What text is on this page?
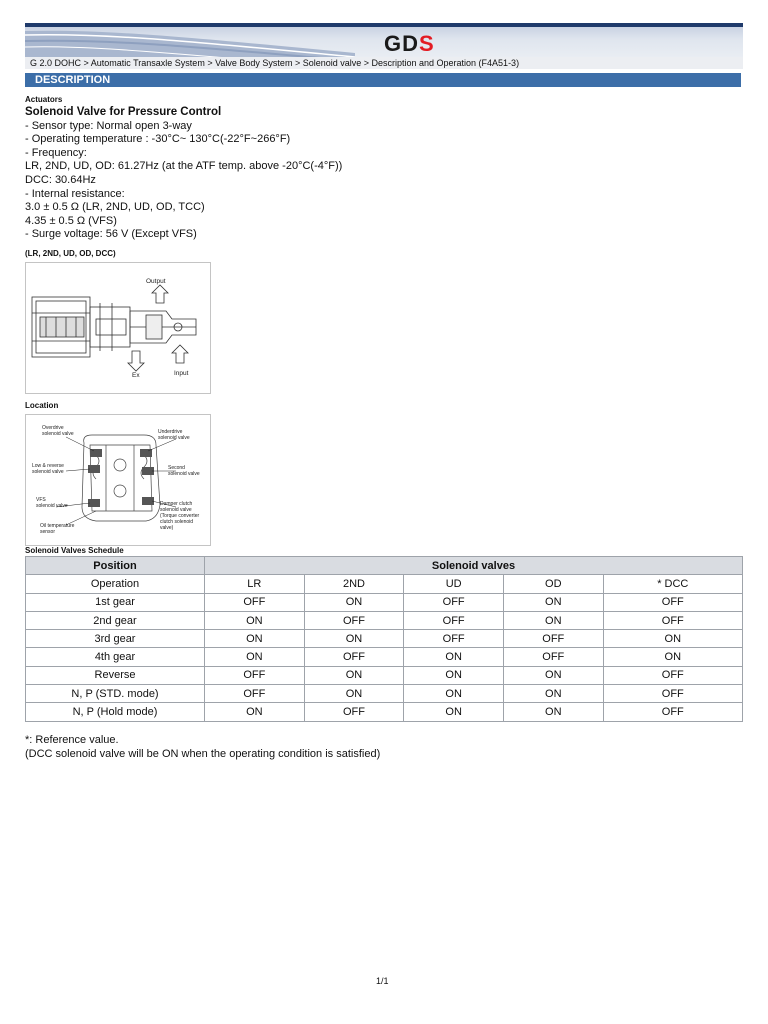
GDS
G 2.0 DOHC > Automatic Transaxle System > Valve Body System > Solenoid valve > Description and Operation (F4A51-3)
DESCRIPTION
Actuators
Solenoid Valve for Pressure Control
- Sensor type: Normal open 3-way
- Operating temperature : -30°C~ 130°C(-22°F~266°F)
- Frequency:
LR, 2ND, UD, OD: 61.27Hz (at the ATF temp. above -20°C(-4°F))
DCC: 30.64Hz
- Internal resistance:
3.0 ± 0.5 Ω (LR, 2ND, UD, OD, TCC)
4.35 ± 0.5 Ω (VFS)
- Surge voltage: 56 V (Except VFS)
(LR, 2ND, UD, OD, DCC)
Output
Ex	Input
Location
Overdrive
solenoid valve	Underdrive
solenoid valve
Low & reverse
solenoid valve
Second
solenoid valve
VFS
solenoid valve	Damper clutch
solenoid valve
(Torque converter
clutch solenoid
valve)
Oil temperature
sensor
Solenoid Valves Schedule
Position	Solenoid valves				
Operation	LR	2ND	UD	OD	* DCC
1st gear	OFF	ON	OFF	ON	OFF
2nd gear	ON	OFF	OFF	ON	OFF
3rd gear	ON	ON	OFF	OFF	ON
4th gear	ON	OFF	ON	OFF	ON
Reverse	OFF	ON	ON	ON	OFF
N, P (STD. mode)	OFF	ON	ON	ON	OFF
N, P (Hold mode)	ON	OFF	ON	ON	OFF
*: Reference value.
(DCC solenoid valve will be ON when the operating condition is satisfied)
1/1
